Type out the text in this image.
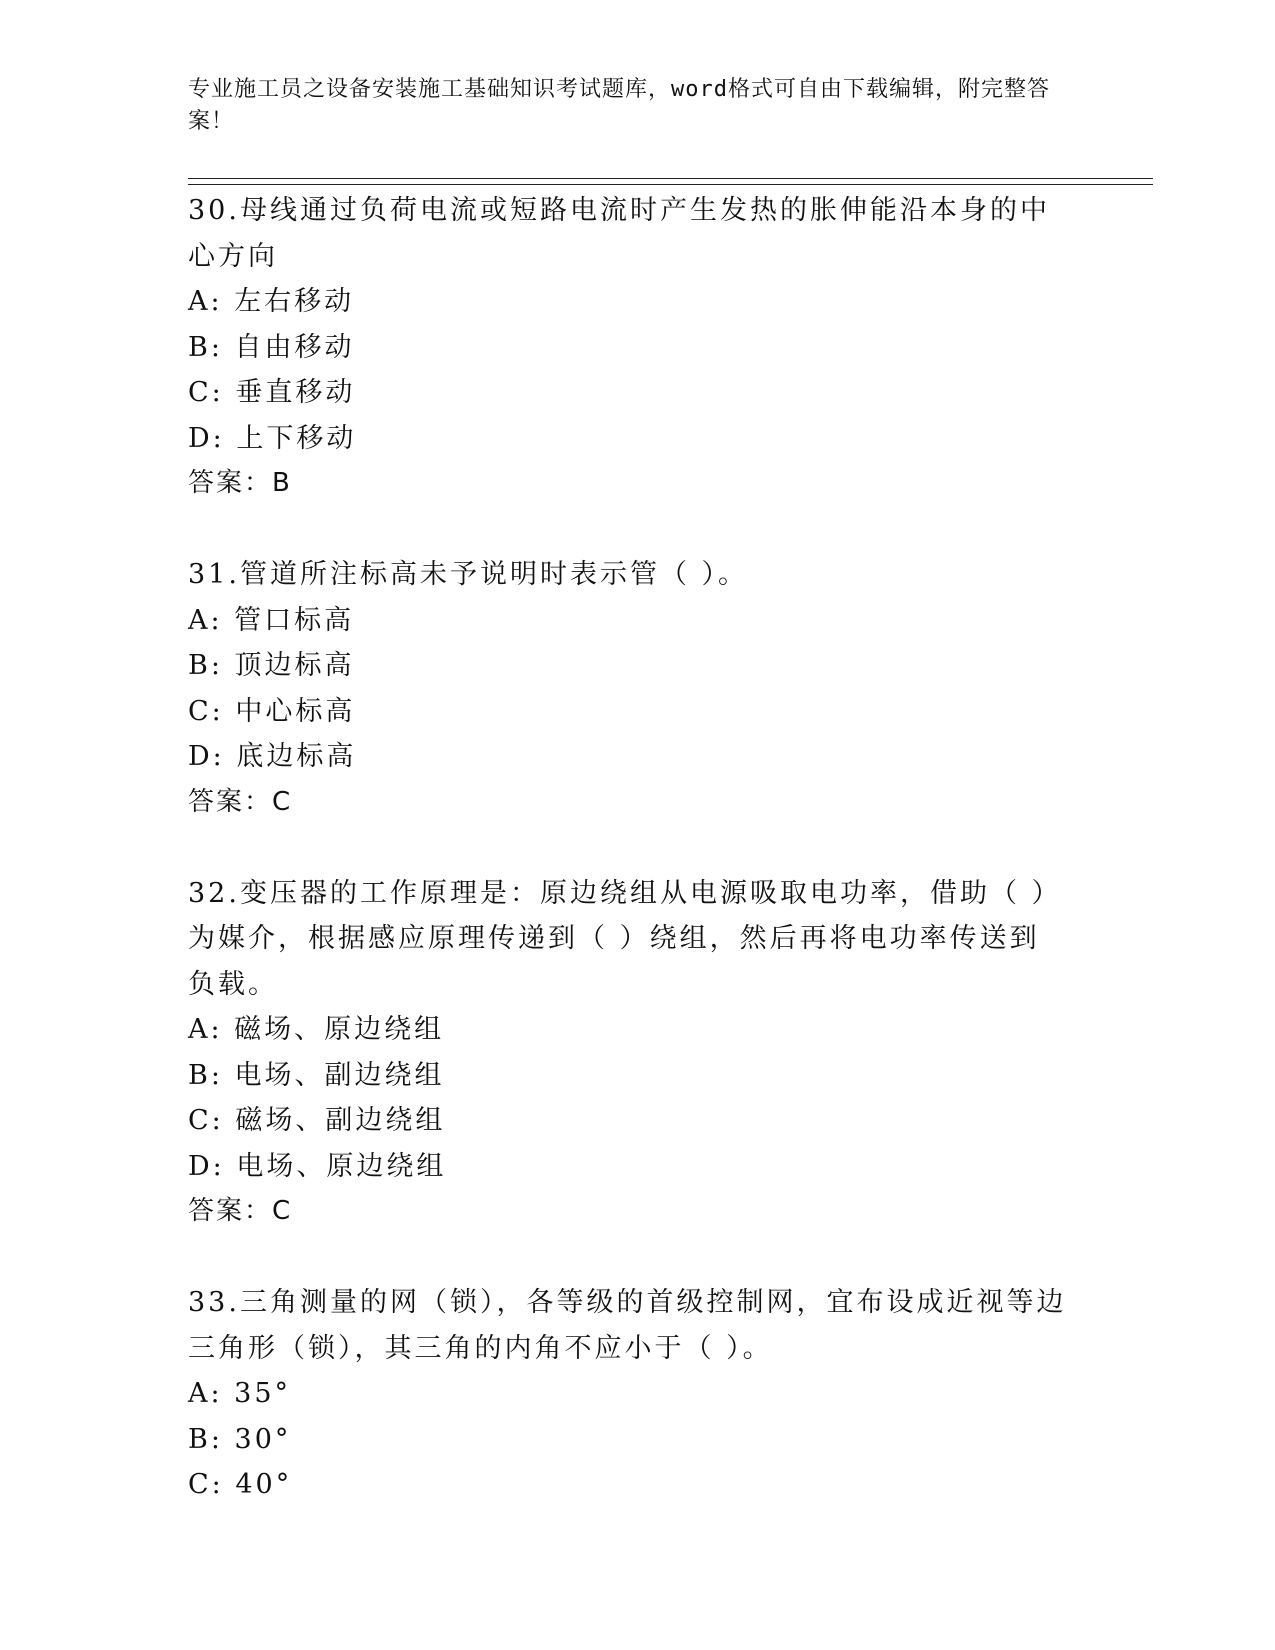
专业施工员之设备安装施工基础知识考试题库，word格式可自由下载编辑，附完整答案！
30.母线通过负荷电流或短路电流时产生发热的胀伸能沿本身的中心方向
A: 左右移动
B: 自由移动
C: 垂直移动
D: 上下移动
答案：B
31.管道所注标高未予说明时表示管（ ）。
A: 管口标高
B: 顶边标高
C: 中心标高
D: 底边标高
答案：C
32.变压器的工作原理是：原边绕组从电源吸取电功率，借助（ ）为媒介，根据感应原理传递到（ ）绕组，然后再将电功率传送到负载。
A: 磁场、原边绕组
B: 电场、副边绕组
C: 磁场、副边绕组
D: 电场、原边绕组
答案：C
33.三角测量的网（锁），各等级的首级控制网，宜布设成近视等边三角形（锁），其三角的内角不应小于（ ）。
A: 35°
B: 30°
C: 40°
